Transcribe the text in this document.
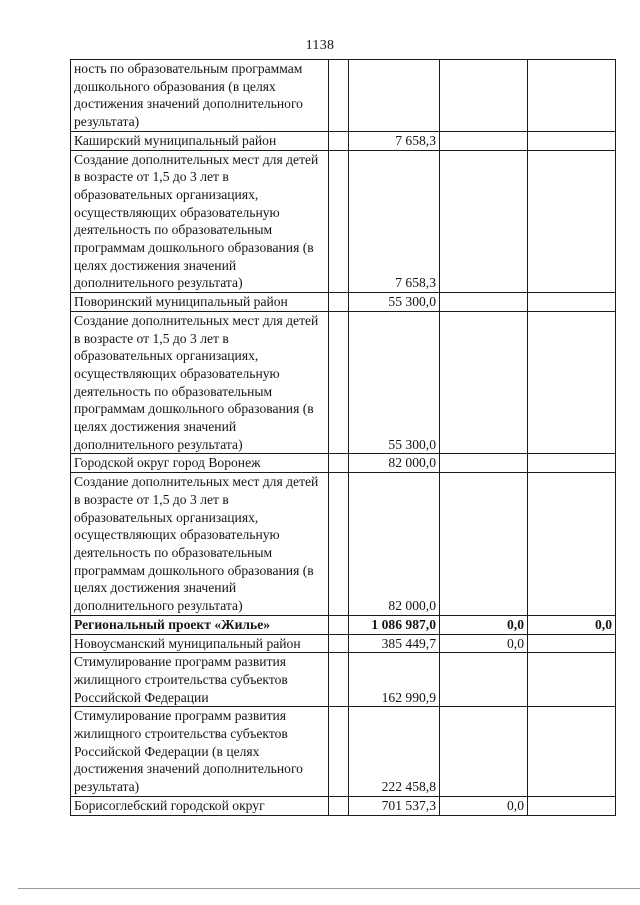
1138
ность по образовательным программам дошкольного образования (в целях достижения значений дополнительного результата)				
Каширский муниципальный район		7 658,3		
Создание дополнительных мест для детей в возрасте от 1,5 до 3 лет в образовательных организациях, осуществляющих образовательную деятельность по образовательным программам дошкольного образования (в целях достижения значений дополнительного результата)		7 658,3		
Поворинский муниципальный район		55 300,0		
Создание дополнительных мест для детей в возрасте от 1,5 до 3 лет в образовательных организациях, осуществляющих образовательную деятельность по образовательным программам дошкольного образования (в целях достижения значений дополнительного результата)		55 300,0		
Городской округ город Воронеж		82 000,0		
Создание дополнительных мест для детей в возрасте от 1,5 до 3 лет в образовательных организациях, осуществляющих образовательную деятельность по образовательным программам дошкольного образования (в целях достижения значений дополнительного результата)		82 000,0		
Региональный проект «Жилье»		1 086 987,0	0,0	0,0
Новоусманский муниципальный район		385 449,7	0,0	
Стимулирование программ развития жилищного строительства субъектов Российской Федерации		162 990,9		
Стимулирование программ развития жилищного строительства субъектов Российской Федерации (в целях достижения значений дополнительного результата)		222 458,8		
Борисоглебский городской округ		701 537,3	0,0	
